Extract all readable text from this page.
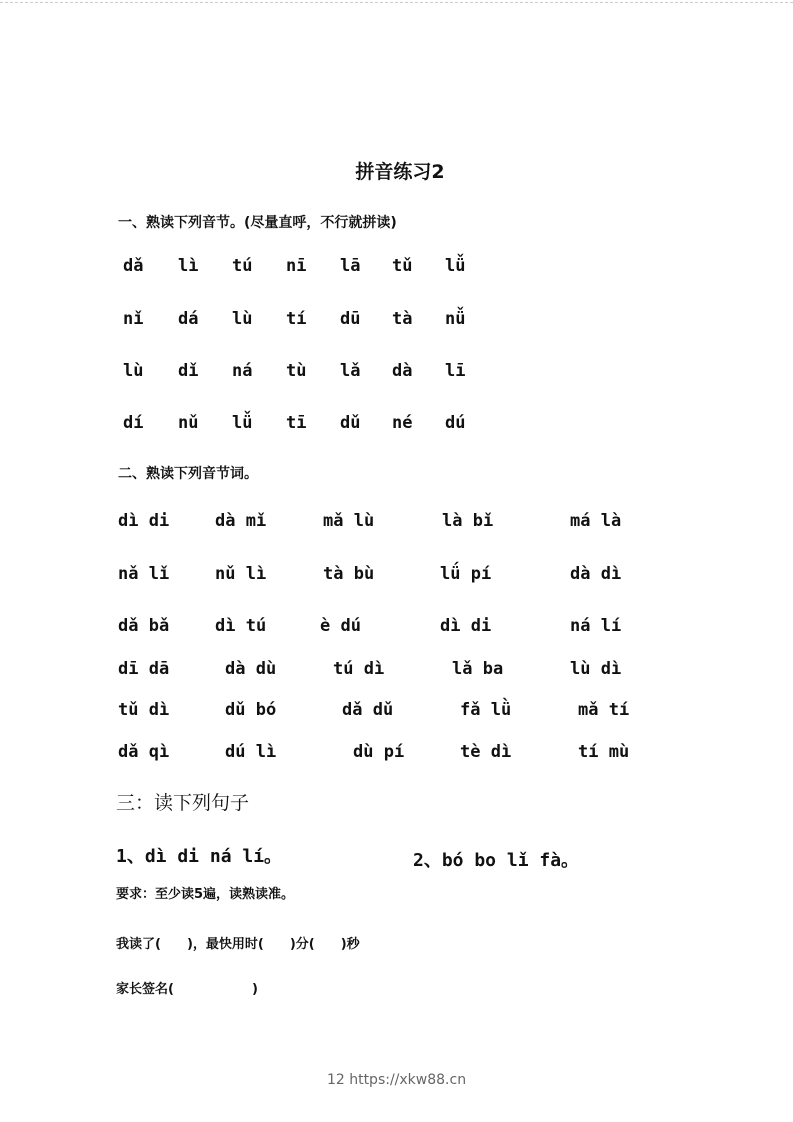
拼音练习2
一、熟读下列音节。(尽量直呼，不行就拼读)
dǎ lì tú nī lā tǔ lǚ
nǐ dá lù tí dū tà nǚ
lù dǐ ná tù lǎ dà lī
dí nǔ lǚ tī dǔ né dú
二、熟读下列音节词。
dì di	dà mǐ	mǎ lù	là bǐ	má là
nǎ lǐ	nǔ lì	tà bù	lǘ pí	dà dì
dǎ bǎ	dì tú	è dú	dì di	ná lí
dī dā	dà dù	tú dì	lǎ ba	lù dì
tǔ dì	dǔ bó	dǎ dǔ	fǎ lǜ	mǎ tí
dǎ qì	dú lì	dù pí	tè dì	tí mù
三：读下列句子
1、dì di ná lí。	2、bó bo lǐ fà。
要求：至少读5遍，读熟读准。
我读了(　　)，最快用时(　　)分(　　)秒
家长签名(　　　　　　)
12 https://xkw88.cn
